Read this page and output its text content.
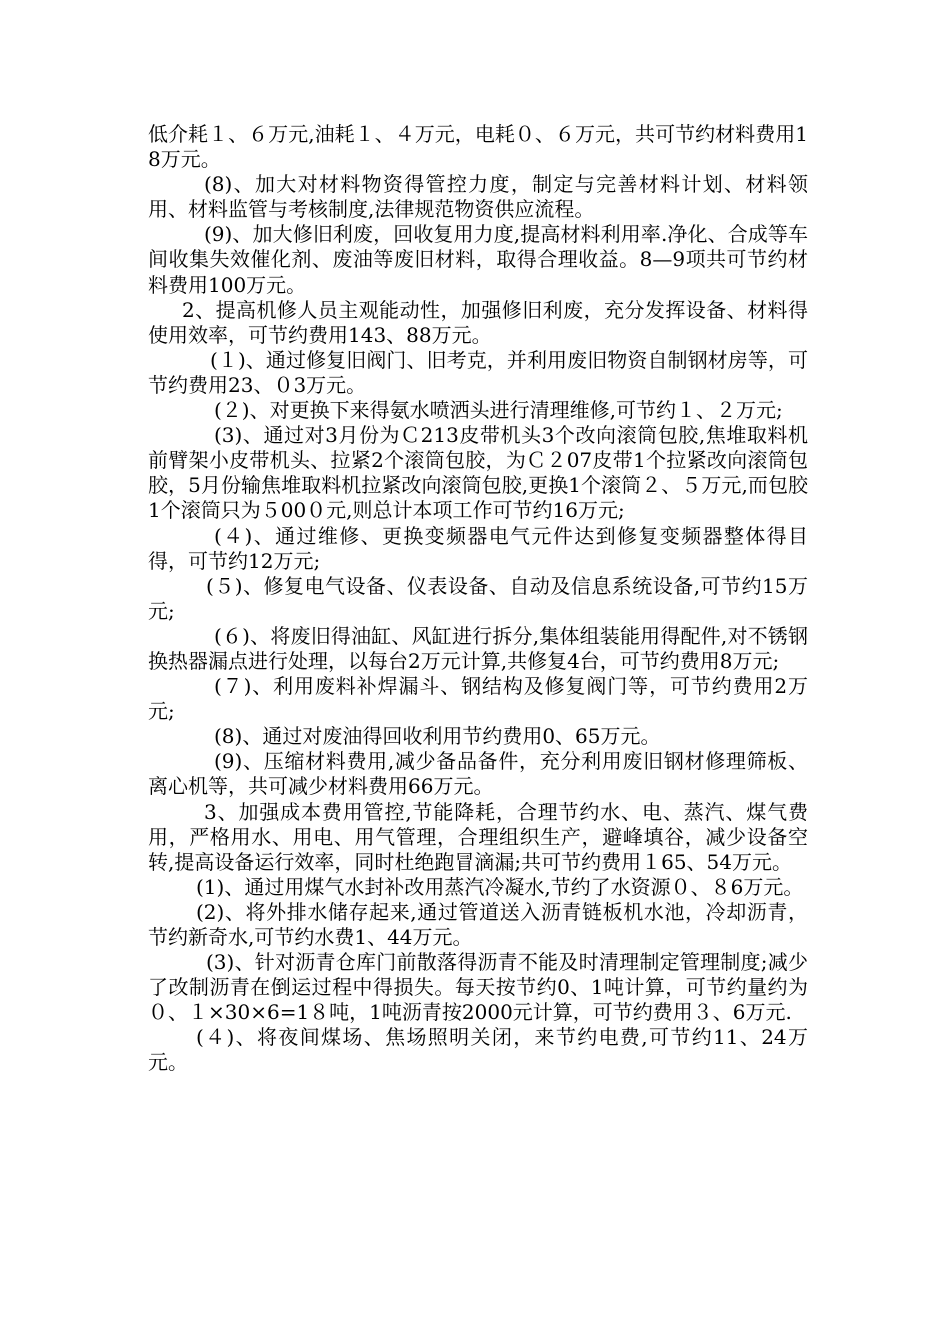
低介耗１、６万元,油耗１、４万元，电耗０、６万元，共可节约材料费用18万元。

(8)、加大对材料物资得管控力度，制定与完善材料计划、材料领用、材料监管与考核制度,法律规范物资供应流程。

(9)、加大修旧利废，回收复用力度,提高材料利用率.净化、合成等车间收集失效催化剂、废油等废旧材料，取得合理收益。8—9项共可节约材料费用100万元。

2、提高机修人员主观能动性，加强修旧利废，充分发挥设备、材料得使用效率，可节约费用143、88万元。

(１)、通过修复旧阀门、旧考克，并利用废旧物资自制钢材房等，可节约费用23、０3万元。

(２)、对更换下来得氨水喷洒头进行清理维修,可节约１、２万元;

(3)、通过对3月份为Ｃ213皮带机头3个改向滚筒包胶,焦堆取料机前臂架小皮带机头、拉紧2个滚筒包胶，为Ｃ２07皮带1个拉紧改向滚筒包胶，5月份输焦堆取料机拉紧改向滚筒包胶,更换1个滚筒２、５万元,而包胶1个滚筒只为５00０元,则总计本项工作可节约16万元;

(４)、通过维修、更换变频器电气元件达到修复变频器整体得目得，可节约12万元;

(５)、修复电气设备、仪表设备、自动及信息系统设备,可节约15万元;

(６)、将废旧得油缸、风缸进行拆分,集体组装能用得配件,对不锈钢换热器漏点进行处理，以每台2万元计算,共修复4台，可节约费用8万元;

(７)、利用废料补焊漏斗、钢结构及修复阀门等，可节约费用2万元;

(8)、通过对废油得回收利用节约费用0、65万元。

(9)、压缩材料费用,减少备品备件，充分利用废旧钢材修理筛板、离心机等，共可减少材料费用66万元。

3、加强成本费用管控,节能降耗，合理节约水、电、蒸汽、煤气费用，严格用水、用电、用气管理，合理组织生产，避峰填谷，减少设备空转,提高设备运行效率，同时杜绝跑冒滴漏;共可节约费用１65、54万元。

(1)、通过用煤气水封补改用蒸汽冷凝水,节约了水资源０、８6万元。

(2)、将外排水储存起来,通过管道送入沥青链板机水池，冷却沥青，节约新奇水,可节约水费1、44万元。

(3)、针对沥青仓库门前散落得沥青不能及时清理制定管理制度;减少了改制沥青在倒运过程中得损失。每天按节约0、1吨计算，可节约量约为０、１×30×6=1８吨，1吨沥青按2000元计算，可节约费用３、6万元.

(４)、将夜间煤场、焦场照明关闭，来节约电费,可节约11、24万元。
